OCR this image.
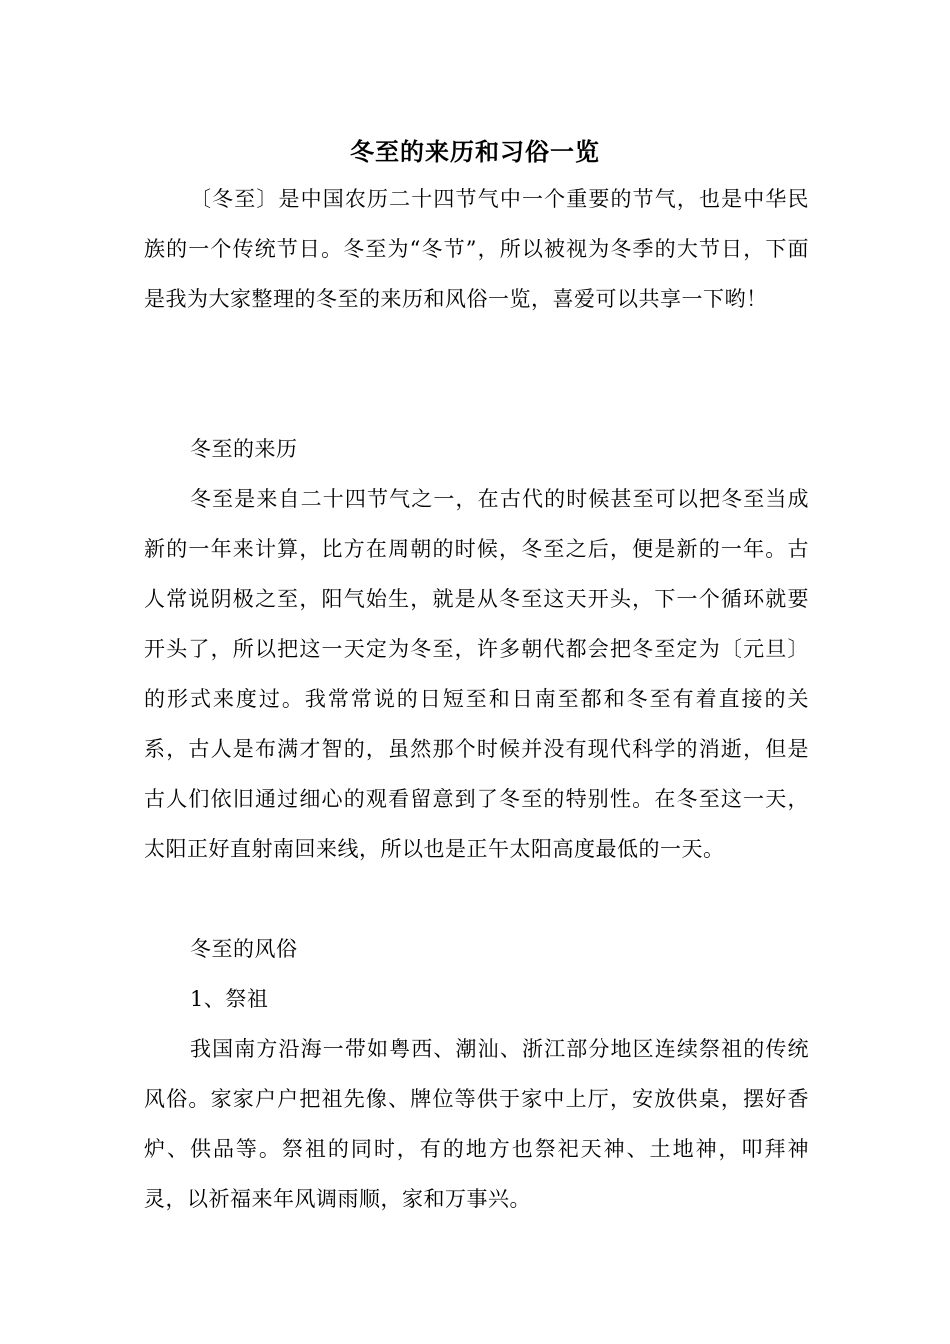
冬至的来历和习俗一览
〔冬至〕是中国农历二十四节气中一个重要的节气，也是中华民族的一个传统节日。冬至为“冬节”，所以被视为冬季的大节日，下面是我为大家整理的冬至的来历和风俗一览，喜爱可以共享一下哟！
冬至的来历
冬至是来自二十四节气之一，在古代的时候甚至可以把冬至当成新的一年来计算，比方在周朝的时候，冬至之后，便是新的一年。古人常说阴极之至，阳气始生，就是从冬至这天开头，下一个循环就要开头了，所以把这一天定为冬至，许多朝代都会把冬至定为〔元旦〕的形式来度过。我常常说的日短至和日南至都和冬至有着直接的关系，古人是布满才智的，虽然那个时候并没有现代科学的消逝，但是古人们依旧通过细心的观看留意到了冬至的特别性。在冬至这一天，太阳正好直射南回来线，所以也是正午太阳高度最低的一天。
冬至的风俗
1、祭祖
我国南方沿海一带如粤西、潮汕、浙江部分地区连续祭祖的传统风俗。家家户户把祖先像、牌位等供于家中上厅，安放供桌，摆好香炉、供品等。祭祖的同时，有的地方也祭祀天神、土地神，叩拜神灵，以祈福来年风调雨顺，家和万事兴。
